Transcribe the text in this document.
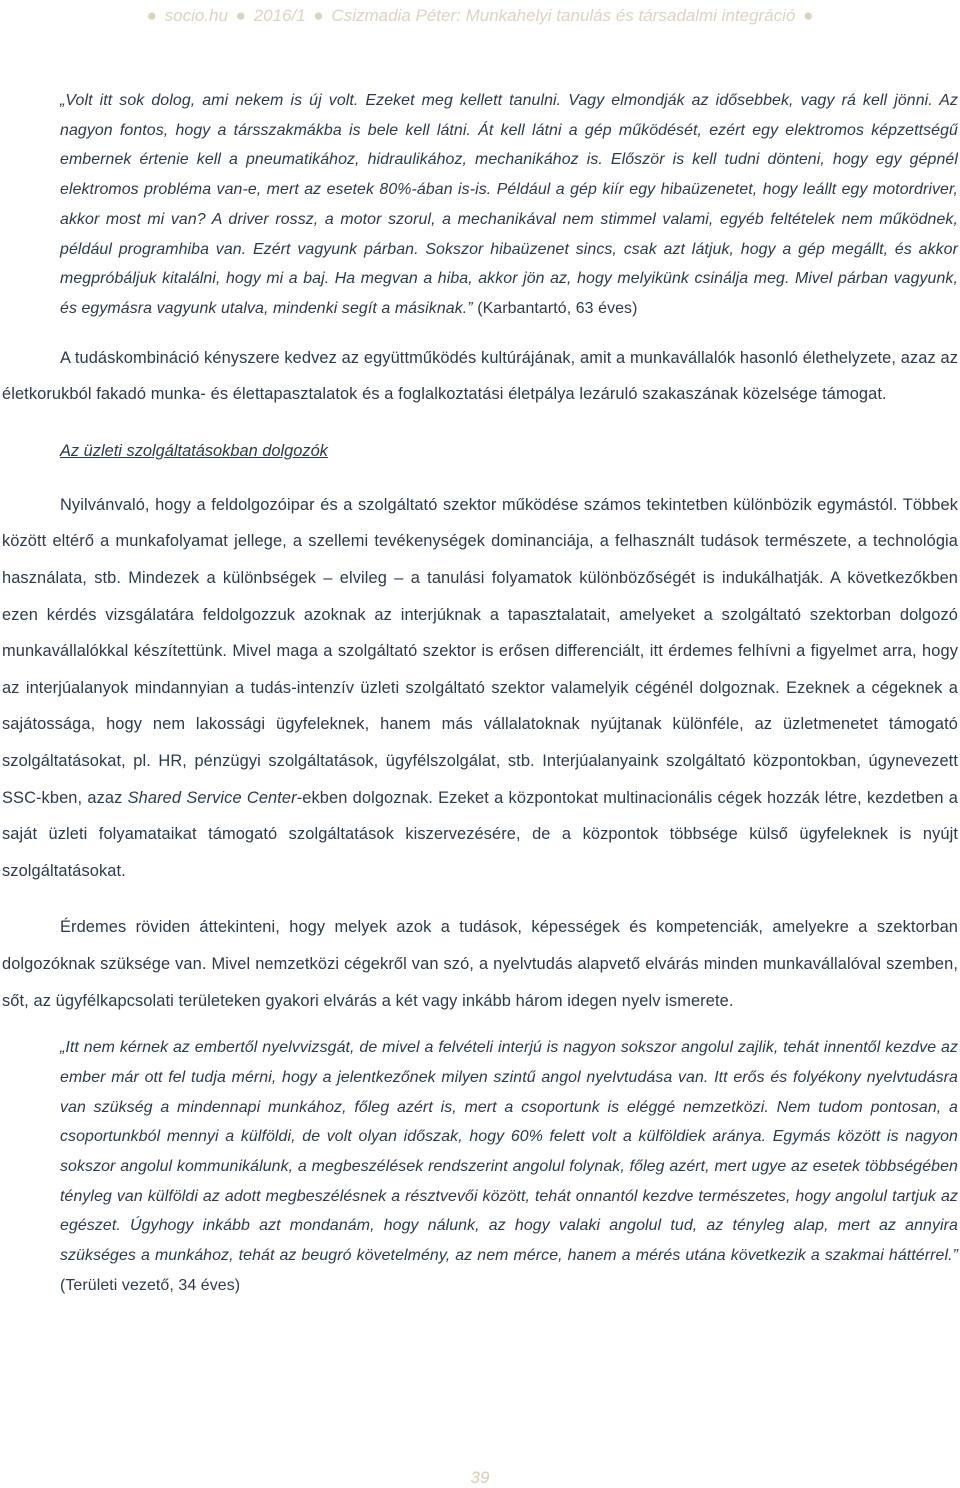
● socio.hu ● 2016/1 ● Csizmadia Péter: Munkahelyi tanulás és társadalmi integráció ●

„Volt itt sok dolog, ami nekem is új volt. Ezeket meg kellett tanulni. Vagy elmondják az idősebbek, vagy rá kell jönni. Az nagyon fontos, hogy a társszakmákba is bele kell látni. Át kell látni a gép működését, ezért egy elektromos képzettségű embernek értenie kell a pneumatikához, hidraulikához, mechanikához is. Először is kell tudni dönteni, hogy egy gépnél elektromos probléma van-e, mert az esetek 80%-ában is-is. Például a gép kiír egy hibaüzenetet, hogy leállt egy motordriver, akkor most mi van? A driver rossz, a motor szorul, a mechanikával nem stimmel valami, egyéb feltételek nem működnek, például programhiba van. Ezért vagyunk párban. Sokszor hibaüzenet sincs, csak azt látjuk, hogy a gép megállt, és akkor megpróbáljuk kitalálni, hogy mi a baj. Ha megvan a hiba, akkor jön az, hogy melyikünk csinálja meg. Mivel párban vagyunk, és egymásra vagyunk utalva, mindenki segít a másiknak.” (Karbantartó, 63 éves)

A tudáskombináció kényszere kedvez az együttműködés kultúrájának, amit a munkavállalók hasonló élethelyzete, azaz az életkorukból fakadó munka- és élettapasztalatok és a foglalkoztatási életpálya lezáruló szakaszának közelsége támogat.

Az üzleti szolgáltatásokban dolgozók

Nyilvánvaló, hogy a feldolgozóipar és a szolgáltató szektor működése számos tekintetben különbözik egymástól. Többek között eltérő a munkafolyamat jellege, a szellemi tevékenységek dominanciája, a felhasznált tudások természete, a technológia használata, stb. Mindezek a különbségek – elvileg – a tanulási folyamatok különbözőségét is indukálhatják. A következőkben ezen kérdés vizsgálatára feldolgozzuk azoknak az interjúknak a tapasztalatait, amelyeket a szolgáltató szektorban dolgozó munkavállalókkal készítettünk. Mivel maga a szolgáltató szektor is erősen differenciált, itt érdemes felhívni a figyelmet arra, hogy az interjúalanyok mindannyian a tudás-intenzív üzleti szolgáltató szektor valamelyik cégénél dolgoznak. Ezeknek a cégeknek a sajátossága, hogy nem lakossági ügyfeleknek, hanem más vállalatoknak nyújtanak különféle, az üzletmenetet támogató szolgáltatásokat, pl. HR, pénzügyi szolgáltatások, ügyfélszolgálat, stb. Interjúalanyaink szolgáltató központokban, úgynevezett SSC-kben, azaz Shared Service Center-ekben dolgoznak. Ezeket a központokat multinacionális cégek hozzák létre, kezdetben a saját üzleti folyamataikat támogató szolgáltatások kiszervezésére, de a központok többsége külső ügyfeleknek is nyújt szolgáltatásokat.

Érdemes röviden áttekinteni, hogy melyek azok a tudások, képességek és kompetenciák, amelyekre a szektorban dolgozóknak szüksége van. Mivel nemzetközi cégekről van szó, a nyelvtudás alapvető elvárás minden munkavállalóval szemben, sőt, az ügyfélkapcsolati területeken gyakori elvárás a két vagy inkább három idegen nyelv ismerete.

„Itt nem kérnek az embertől nyelvvizsgát, de mivel a felvételi interjú is nagyon sokszor angolul zajlik, tehát innentől kezdve az ember már ott fel tudja mérni, hogy a jelentkezőnek milyen szintű angol nyelvtudása van. Itt erős és folyékony nyelvtudásra van szükség a mindennapi munkához, főleg azért is, mert a csoportunk is eléggé nemzetközi. Nem tudom pontosan, a csoportunkból mennyi a külföldi, de volt olyan időszak, hogy 60% felett volt a külföldiek aránya. Egymás között is nagyon sokszor angolul kommunikálunk, a megbeszélések rendszerint angolul folynak, főleg azért, mert ugye az esetek többségében tényleg van külföldi az adott megbeszélésnek a résztvevői között, tehát onnantól kezdve természetes, hogy angolul tartjuk az egészet. Úgyhogy inkább azt mondanám, hogy nálunk, az hogy valaki angolul tud, az tényleg alap, mert az annyira szükséges a munkához, tehát az beugró követelmény, az nem mérce, hanem a mérés utána következik a szakmai háttérrel.” (Területi vezető, 34 éves)

39
